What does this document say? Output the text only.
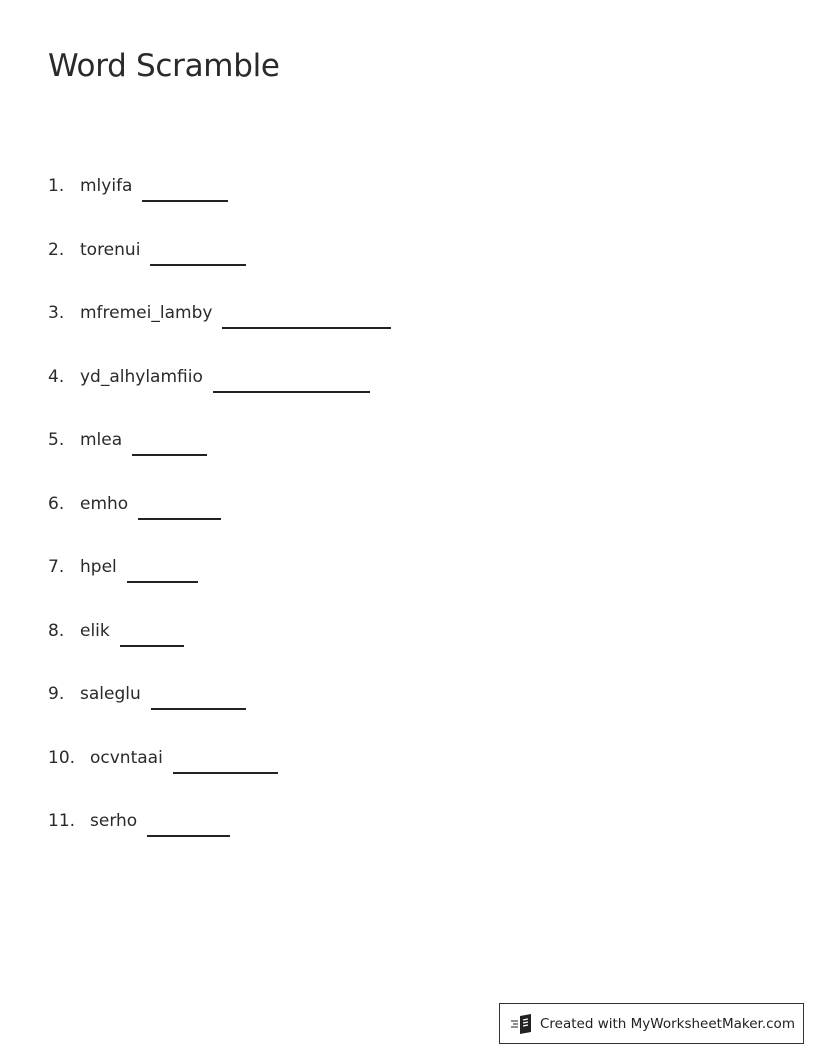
Word Scramble
1. mlyifa
2. torenui
3. mfremei_lamby
4. yd_alhylamfiio
5. mlea
6. emho
7. hpel
8. elik
9. saleglu
10. ocvntaai
11. serho
Created with MyWorksheetMaker.com
